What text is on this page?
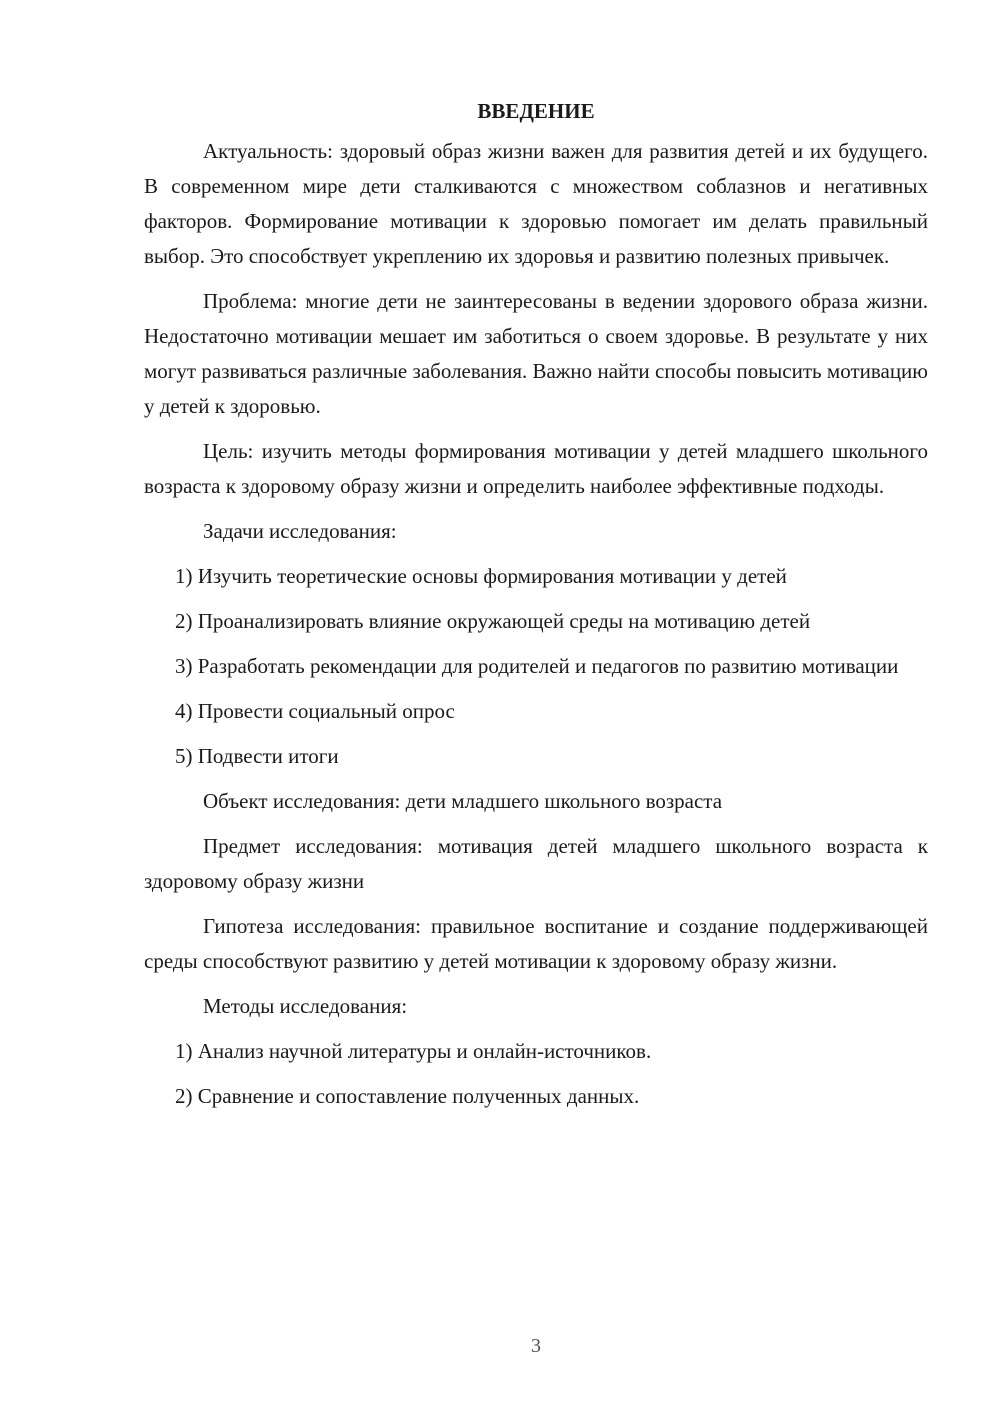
ВВЕДЕНИЕ

Актуальность: здоровый образ жизни важен для развития детей и их будущего. В современном мире дети сталкиваются с множеством соблазнов и негативных факторов. Формирование мотивации к здоровью помогает им делать правильный выбор. Это способствует укреплению их здоровья и развитию полезных привычек.

Проблема: многие дети не заинтересованы в ведении здорового образа жизни. Недостаточно мотивации мешает им заботиться о своем здоровье. В результате у них могут развиваться различные заболевания. Важно найти способы повысить мотивацию у детей к здоровью.

Цель: изучить методы формирования мотивации у детей младшего школьного возраста к здоровому образу жизни и определить наиболее эффективные подходы.

Задачи исследования:

1) Изучить теоретические основы формирования мотивации у детей

2) Проанализировать влияние окружающей среды на мотивацию детей

3) Разработать рекомендации для родителей и педагогов по развитию мотивации

4) Провести социальный опрос

5) Подвести итоги

Объект исследования: дети младшего школьного возраста

Предмет исследования: мотивация детей младшего школьного возраста к здоровому образу жизни

Гипотеза исследования: правильное воспитание и создание поддерживающей среды способствуют развитию у детей мотивации к здоровому образу жизни.

Методы исследования:

1) Анализ научной литературы и онлайн-источников.

2) Сравнение и сопоставление полученных данных.

3
